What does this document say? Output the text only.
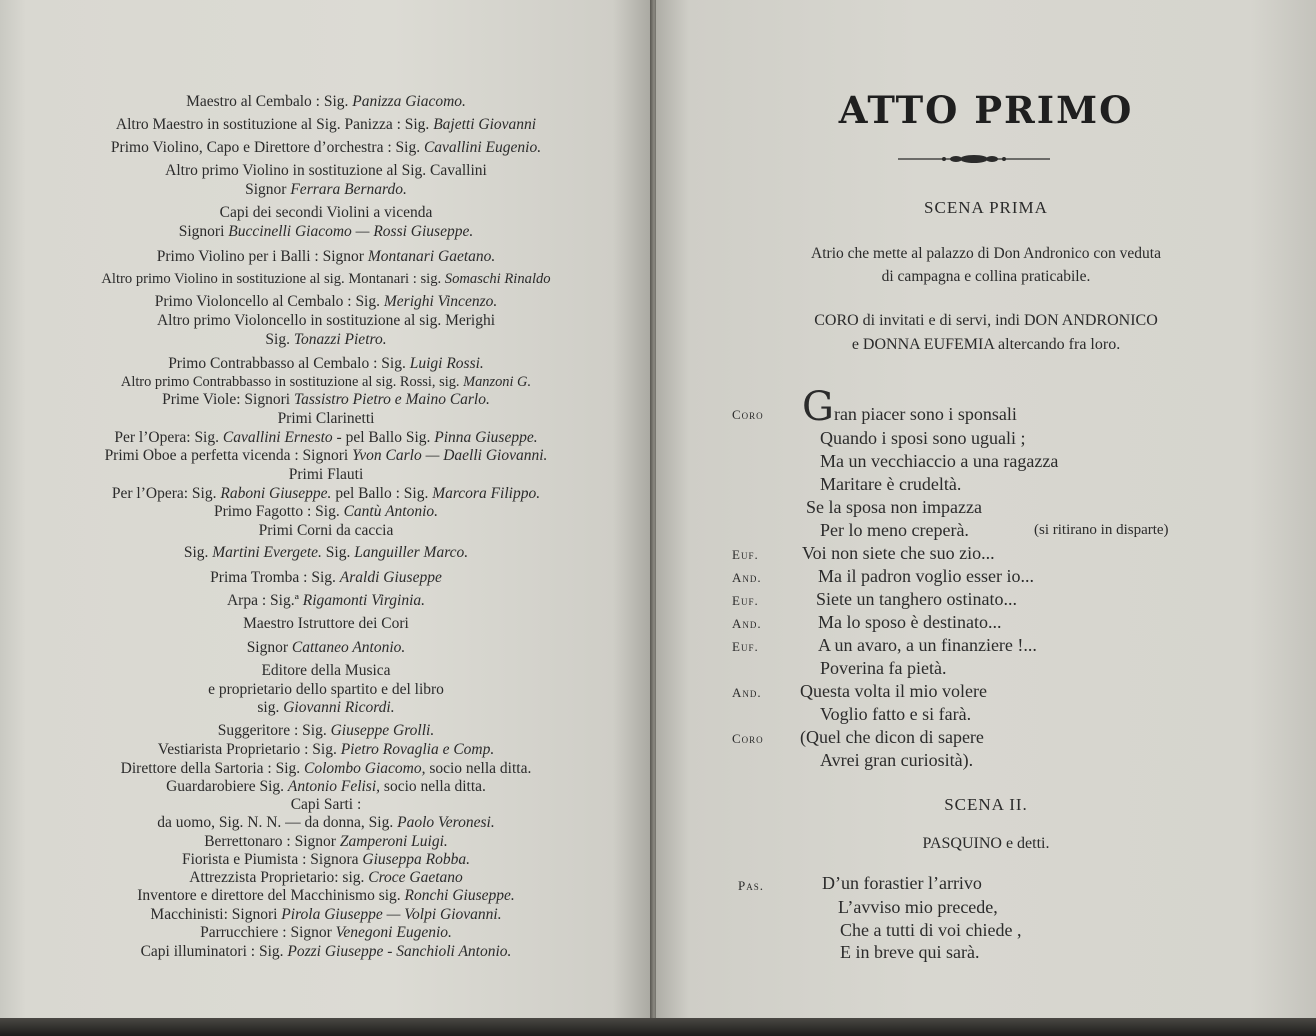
Maestro al Cembalo : Sig. Panizza Giacomo.
Altro Maestro in sostituzione al Sig. Panizza : Sig. Bajetti Giovanni
Primo Violino, Capo e Direttore d’orchestra : Sig. Cavallini Eugenio.
Altro primo Violino in sostituzione al Sig. Cavallini
Signor Ferrara Bernardo.
Capi dei secondi Violini a vicenda
Signori Buccinelli Giacomo — Rossi Giuseppe.
Primo Violino per i Balli : Signor Montanari Gaetano.
Altro primo Violino in sostituzione al sig. Montanari : sig. Somaschi Rinaldo
Primo Violoncello al Cembalo : Sig. Merighi Vincenzo.
Altro primo Violoncello in sostituzione al sig. Merighi
Sig. Tonazzi Pietro.
Primo Contrabbasso al Cembalo : Sig. Luigi Rossi.
Altro primo Contrabbasso in sostituzione al sig. Rossi, sig. Manzoni G.
Prime Viole: Signori Tassistro Pietro e Maino Carlo.
Primi Clarinetti
Per l’Opera: Sig. Cavallini Ernesto - pel Ballo Sig. Pinna Giuseppe.
Primi Oboe a perfetta vicenda : Signori Yvon Carlo — Daelli Giovanni.
Primi Flauti
Per l’Opera: Sig. Raboni Giuseppe. pel Ballo : Sig. Marcora Filippo.
Primo Fagotto : Sig. Cantù Antonio.
Primi Corni da caccia
Sig. Martini Evergete. Sig. Languiller Marco.
Prima Tromba : Sig. Araldi Giuseppe
Arpa : Sig.ª Rigamonti Virginia.
Maestro Istruttore dei Cori
Signor Cattaneo Antonio.
Editore della Musica
e proprietario dello spartito e del libro
sig. Giovanni Ricordi.
Suggeritore : Sig. Giuseppe Grolli.
Vestiarista Proprietario : Sig. Pietro Rovaglia e Comp.
Direttore della Sartoria : Sig. Colombo Giacomo, socio nella ditta.
Guardarobiere Sig. Antonio Felisi, socio nella ditta.
Capi Sarti :
da uomo, Sig. N. N. — da donna, Sig. Paolo Veronesi.
Berrettonaro : Signor Zamperoni Luigi.
Fiorista e Piumista : Signora Giuseppa Robba.
Attrezzista Proprietario: sig. Croce Gaetano
Inventore e direttore del Macchinismo sig. Ronchi Giuseppe.
Macchinisti: Signori Pirola Giuseppe — Volpi Giovanni.
Parrucchiere : Signor Venegoni Eugenio.
Capi illuminatori : Sig. Pozzi Giuseppe - Sanchioli Antonio.
ATTO PRIMO
SCENA PRIMA
Atrio che mette al palazzo di Don Andronico con veduta
di campagna e collina praticabile.
CORO di invitati e di servi, indi DON ANDRONICO
e DONNA EUFEMIA altercando fra loro.
Coro Gran piacer sono i sponsali
Quando i sposi sono uguali ;
Ma un vecchiaccio a una ragazza
Maritare è crudeltà.
Se la sposa non impazza
Per lo meno creperà.	(si ritirano in disparte)
Euf. Voi non siete che suo zio...
And.	Ma il padron voglio esser io...
Euf.	Siete un tanghero ostinato...
And.	Ma lo sposo è destinato...
Euf.	A un avaro, a un finanziere !...
Poverina fa pietà.
And. Questa volta il mio volere
Voglio fatto e si farà.
Coro (Quel che dicon di sapere
Avrei gran curiosità).
SCENA II.
PASQUINO e detti.
Pas.	D’un forastier l’arrivo
L’avviso mio precede,
Che a tutti di voi chiede ,
E in breve qui sarà.
